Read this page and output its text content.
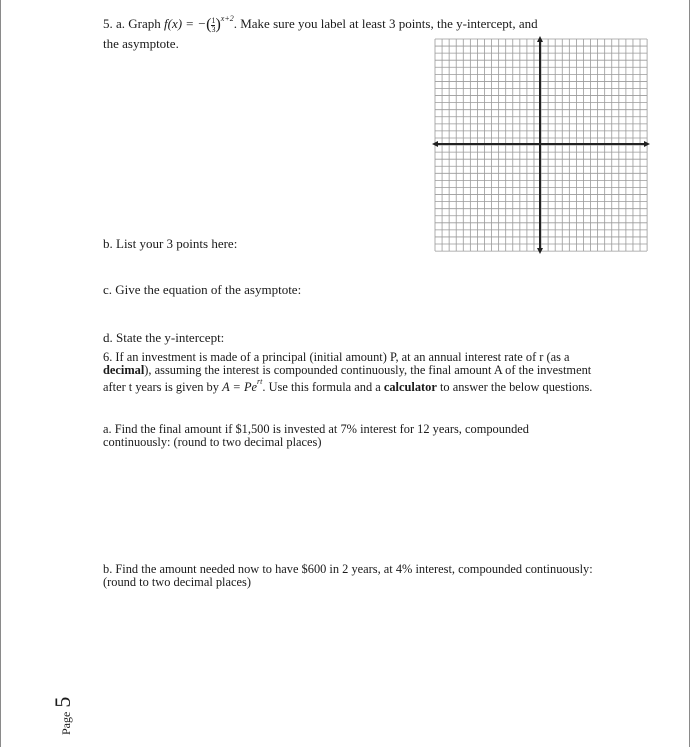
5. a. Graph f(x) = −( $\frac{1}{3} )^{x+2}$. Make sure you label at least 3 points, the y-intercept, and
the asymptote.
b. List your 3 points here:
c. Give the equation of the asymptote:
d. State the y-intercept:
6. If an investment is made of a principal (initial amount) P, at an annual interest rate of r (as a decimal), assuming the interest is compounded continuously, the final amount A of the investment after t years is given by $A = Pe^{rt}$. Use this formula and a calculator to answer the below questions.
a. Find the final amount if $1,500 is invested at 7% interest for 12 years, compounded continuously: (round to two decimal places)
b. Find the amount needed now to have $600 in 2 years, at 4% interest, compounded continuously: (round to two decimal places)
Page 5
